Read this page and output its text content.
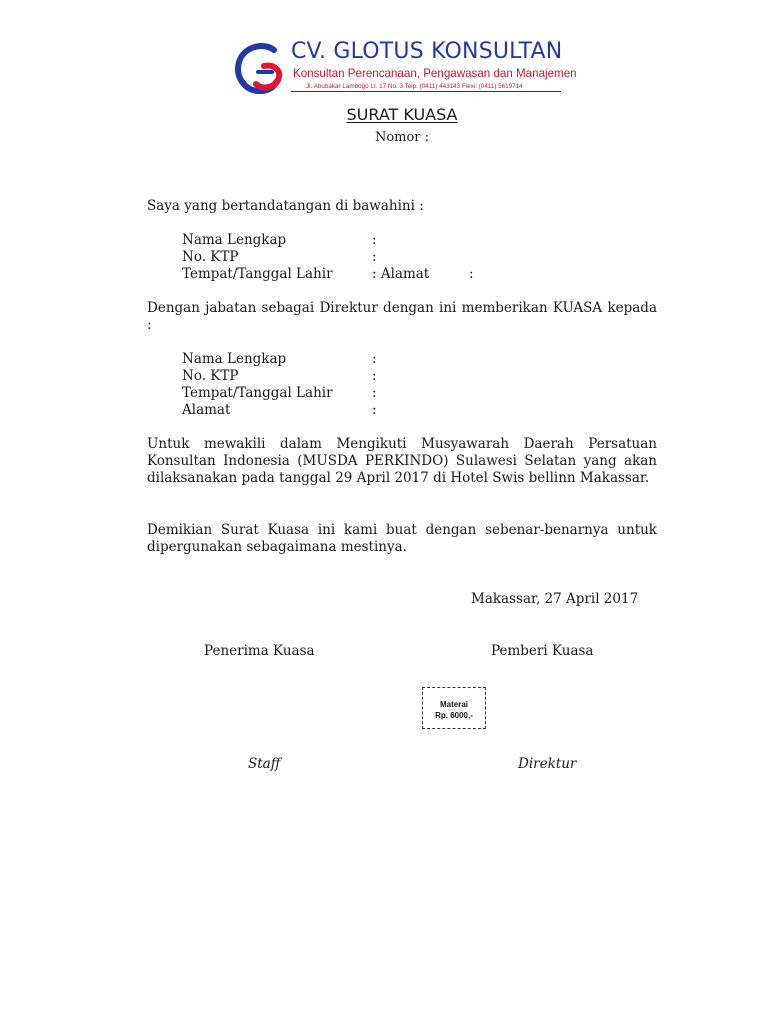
CV. GLOTUS KONSULTAN
Konsultan Perencanaan, Pengawasan dan Manajemen
Jl. Abubakar Lambogo Lr. 17 No. 3 Telp. (0411) 443143 Flexi: (0411) 5619714
SURAT KUASA
Nomor :
Saya yang bertandatangan di bawahini :
Nama Lengkap	:
No. KTP	:
Tempat/Tanggal Lahir	: Alamat	:
Dengan jabatan sebagai Direktur dengan ini memberikan KUASA kepada :
Nama Lengkap	:
No. KTP	:
Tempat/Tanggal Lahir	:
Alamat	:
Untuk mewakili dalam Mengikuti Musyawarah Daerah Persatuan Konsultan Indonesia (MUSDA PERKINDO) Sulawesi Selatan yang akan dilaksanakan pada tanggal 29 April 2017 di Hotel Swis bellinn Makassar.
Demikian Surat Kuasa ini kami buat dengan sebenar-benarnya untuk dipergunakan sebagaimana mestinya.
Makassar, 27 April 2017
Penerima Kuasa	Pemberi Kuasa
Materai
Rp. 6000,-
Staff	Direktur
